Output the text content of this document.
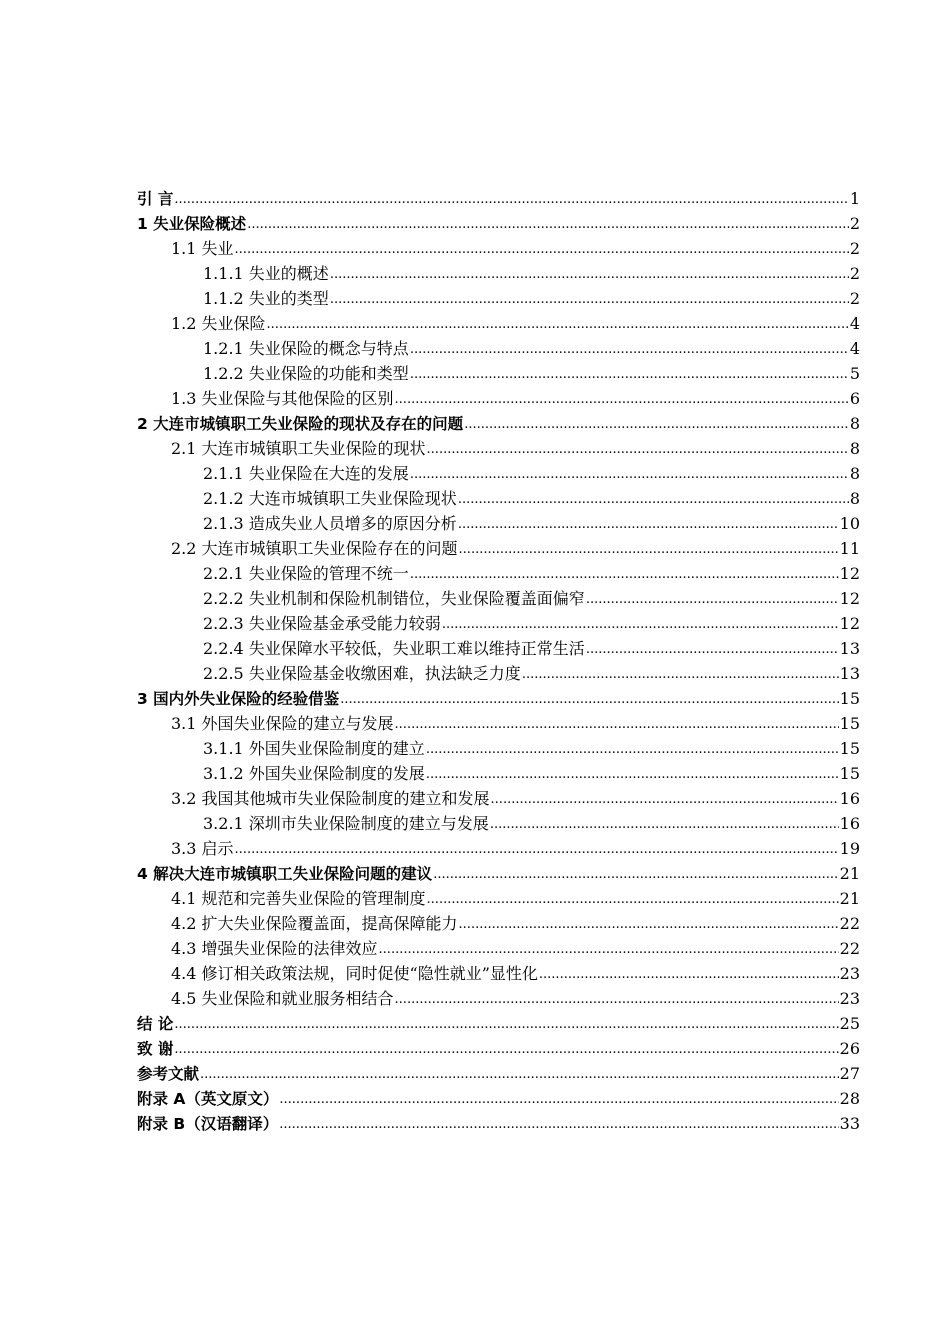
引 言 .....	1
1 失业保险概述 .....	2
1.1 失业 .....	2
1.1.1 失业的概述 .....	2
1.1.2 失业的类型 .....	2
1.2 失业保险 .....	4
1.2.1 失业保险的概念与特点 .....	4
1.2.2 失业保险的功能和类型 .....	5
1.3 失业保险与其他保险的区别 .....	6
2 大连市城镇职工失业保险的现状及存在的问题 .....	8
2.1 大连市城镇职工失业保险的现状 .....	8
2.1.1 失业保险在大连的发展 .....	8
2.1.2 大连市城镇职工失业保险现状 .....	8
2.1.3 造成失业人员增多的原因分析 .....	10
2.2 大连市城镇职工失业保险存在的问题 .....	11
2.2.1 失业保险的管理不统一 .....	12
2.2.2 失业机制和保险机制错位，失业保险覆盖面偏窄 .....	12
2.2.3 失业保险基金承受能力较弱 .....	12
2.2.4 失业保障水平较低，失业职工难以维持正常生活 .....	13
2.2.5 失业保险基金收缴困难，执法缺乏力度 .....	13
3 国内外失业保险的经验借鉴 .....	15
3.1 外国失业保险的建立与发展 .....	15
3.1.1 外国失业保险制度的建立 .....	15
3.1.2 外国失业保险制度的发展 .....	15
3.2 我国其他城市失业保险制度的建立和发展 .....	16
3.2.1 深圳市失业保险制度的建立与发展 .....	16
3.3 启示 .....	19
4 解决大连市城镇职工失业保险问题的建议 .....	21
4.1 规范和完善失业保险的管理制度 .....	21
4.2 扩大失业保险覆盖面，提高保障能力 .....	22
4.3 增强失业保险的法律效应 .....	22
4.4 修订相关政策法规，同时促使“隐性就业”显性化 .....	23
4.5 失业保险和就业服务相结合 .....	23
结 论 .....	25
致 谢 .....	26
参考文献 .....	27
附录 A（英文原文） .....	28
附录 B（汉语翻译） .....	33
